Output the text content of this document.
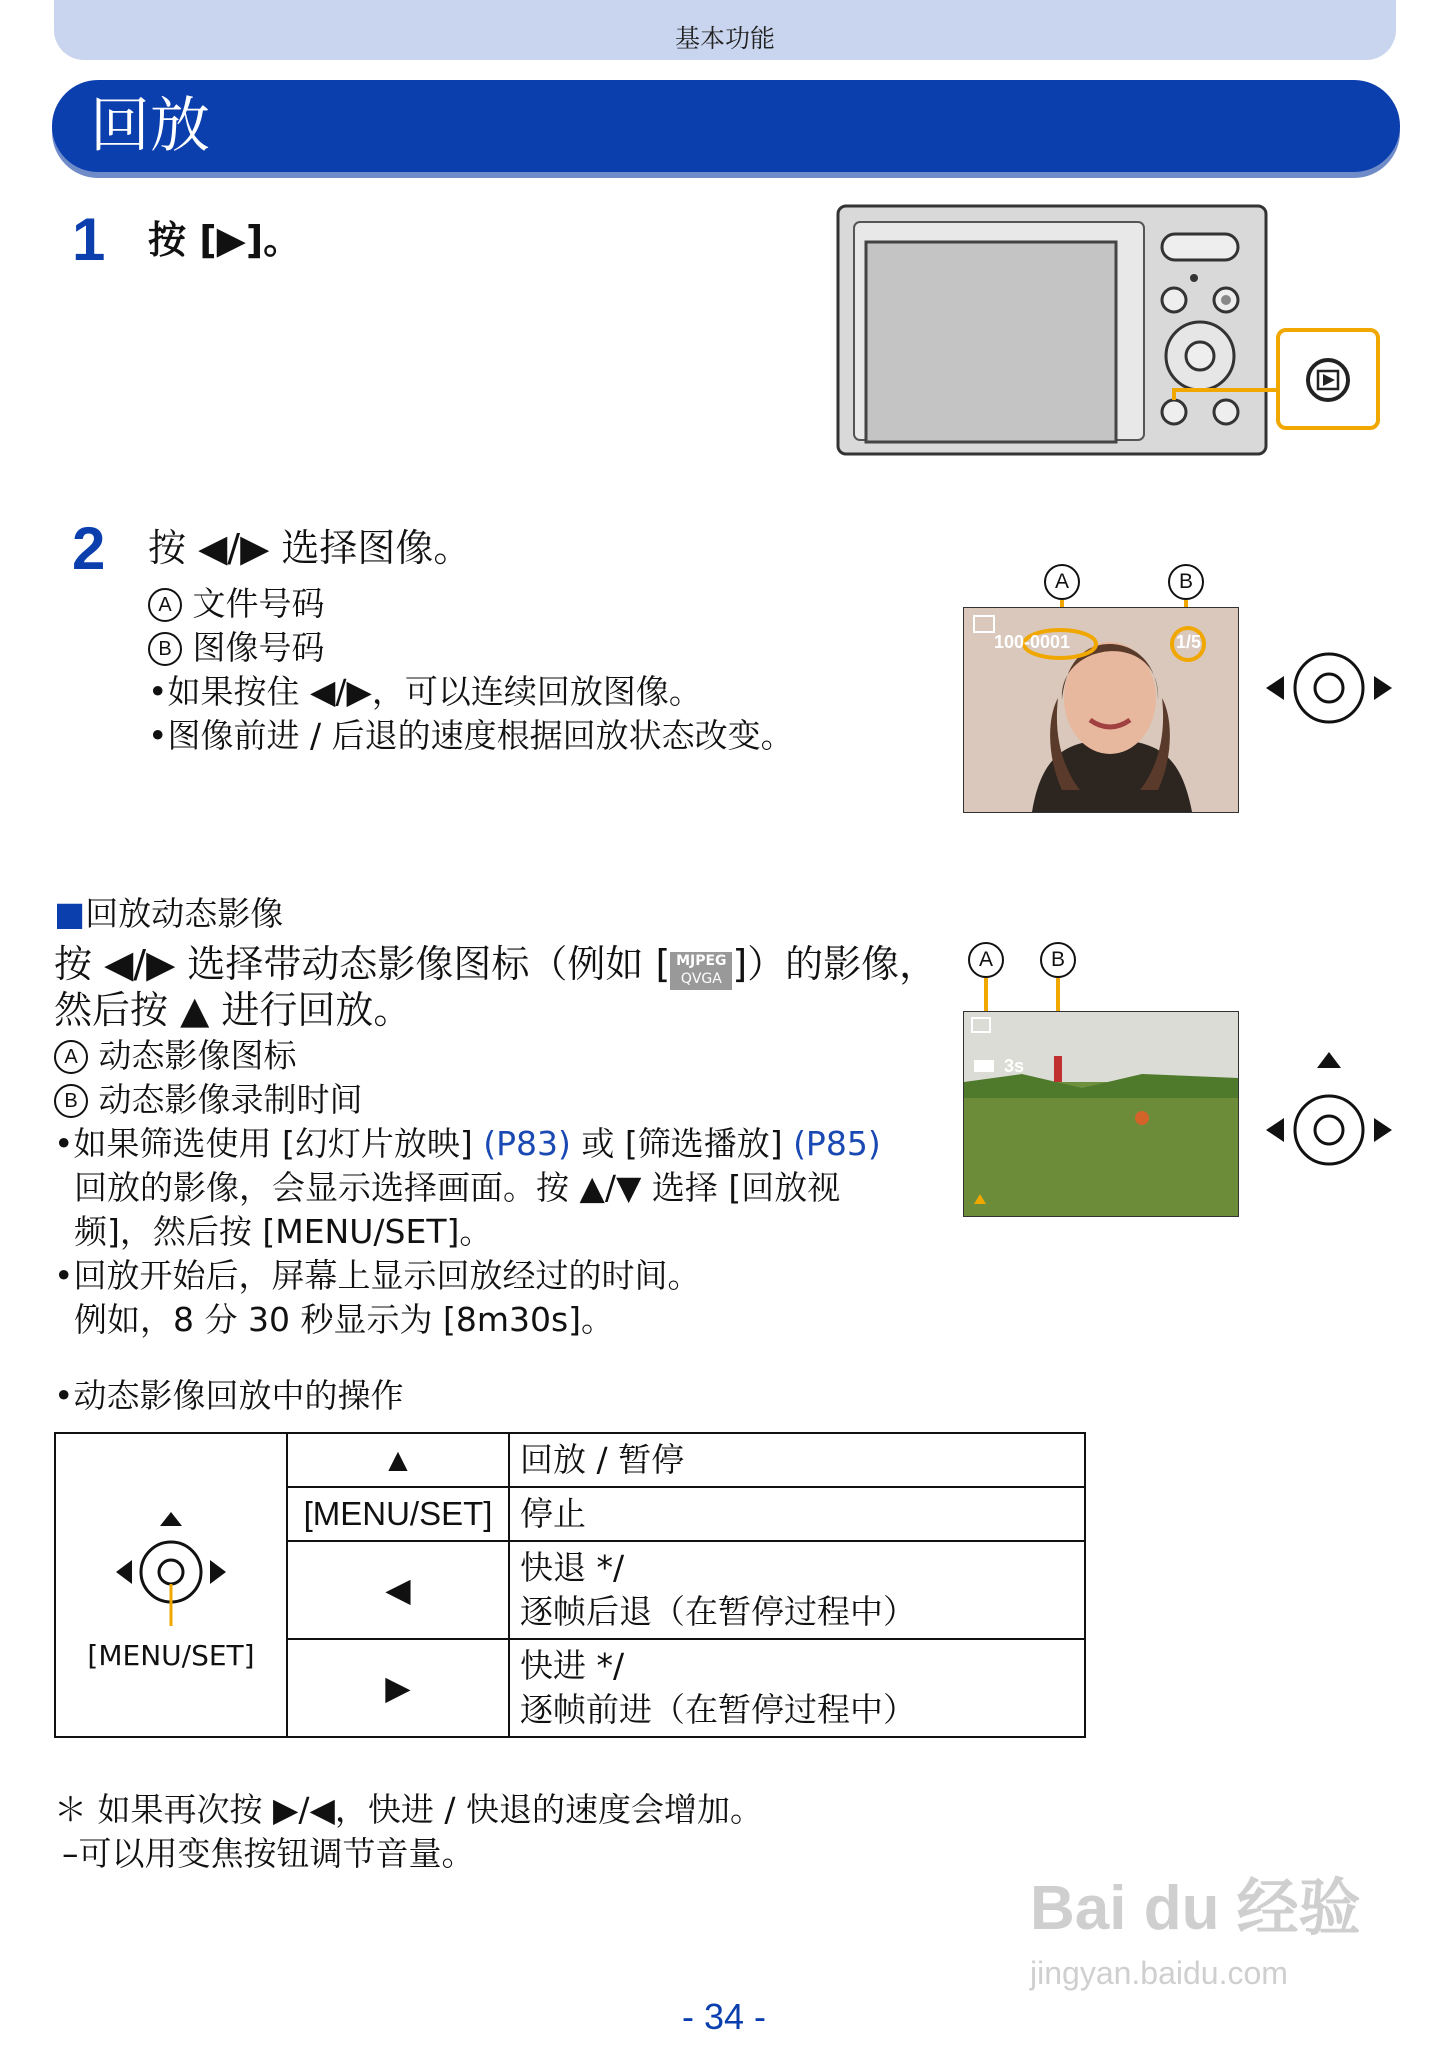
基本功能
回放
1 按 [▶]。
2 按 ◀/▶ 选择图像。
A 文件号码
B 图像号码
•如果按住 ◀/▶，可以连续回放图像。
•图像前进 / 后退的速度根据回放状态改变。
A	B
100-0001	1/5
■回放动态影像
按 ◀/▶ 选择带动态影像图标（例如 [ MJPEG
QVGA ]）的影像，
然后按 ▲ 进行回放。
A 动态影像图标
B 动态影像录制时间
•如果筛选使用 [幻灯片放映] (P83) 或 [筛选播放] (P85)
回放的影像，会显示选择画面。按 ▲/▼ 选择 [回放视
频]，然后按 [MENU/SET]。
•回放开始后，屏幕上显示回放经过的时间。
例如，8 分 30 秒显示为 [8m30s]。
A	B
3s
•动态影像回放中的操作
[MENU/SET]	▲	回放 / 暂停
	[MENU/SET]	停止
	◀	快退 */
逐帧后退（在暂停过程中）

	▶	快进 */
逐帧前进（在暂停过程中）
＊ 如果再次按 ▶/◀，快进 / 快退的速度会增加。
–可以用变焦按钮调节音量。
Bai du 经验
jingyan.baidu.com
- 34 -
